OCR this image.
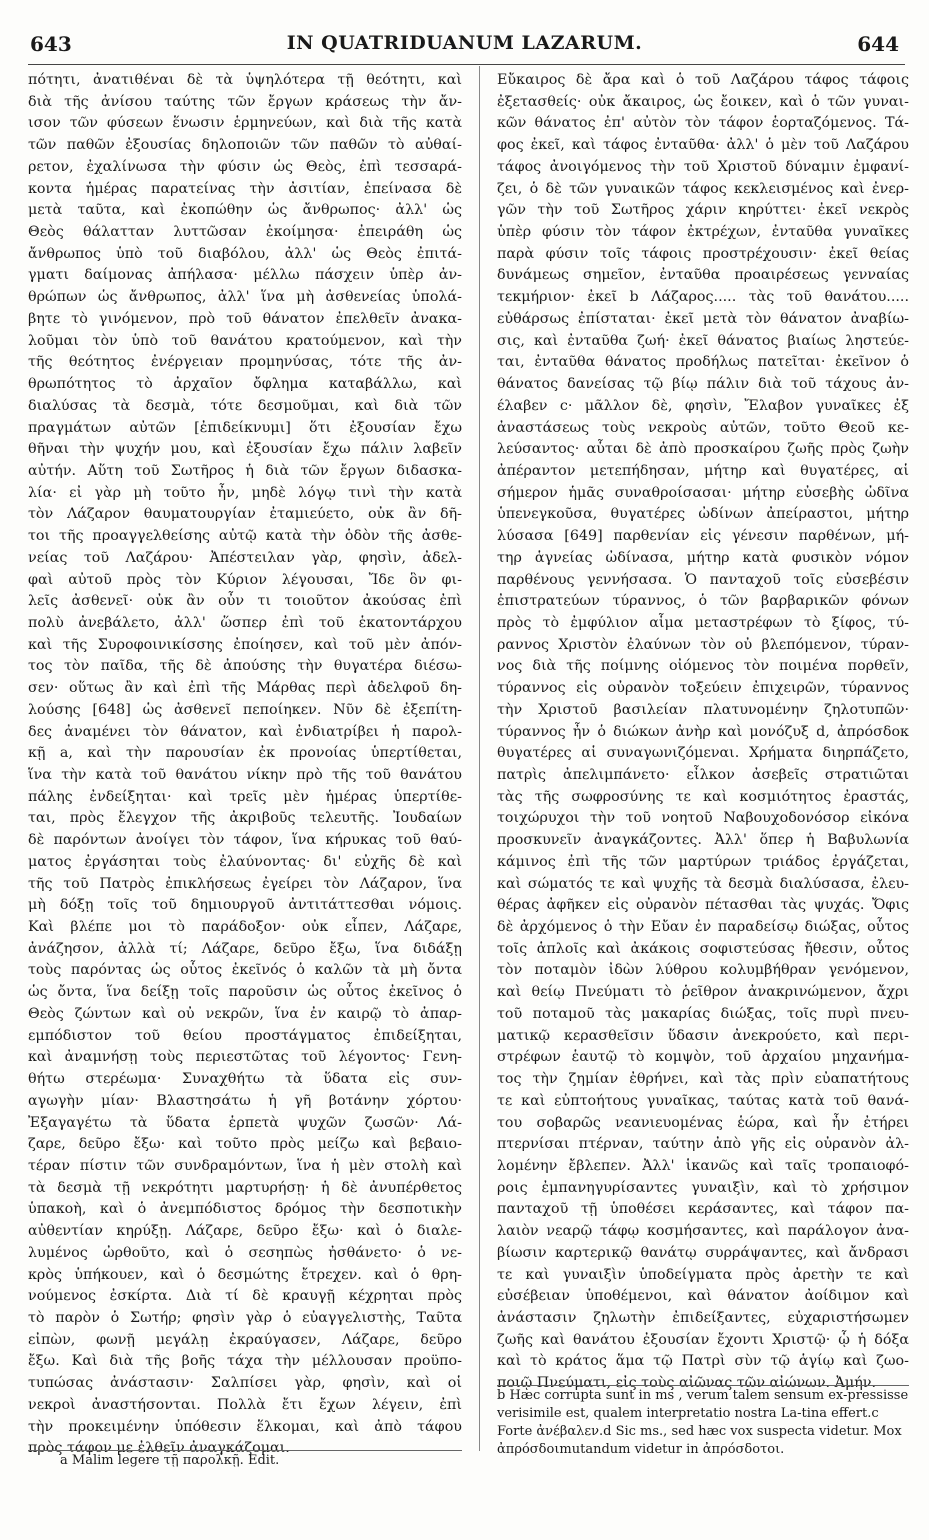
643	IN QUATRIDUANUM LAZARUM.	644
πότητι, ἀνατιθέναι δὲ τὰ ὑψηλότερα τῇ θεότητι, καὶ
διὰ τῆς ἀνίσου ταύτης τῶν ἔργων κράσεως τὴν ἄν-
ισον τῶν φύσεων ἕνωσιν ἑρμηνεύων, καὶ διὰ τῆς κατὰ
τῶν παθῶν ἐξουσίας δηλοποιῶν τῶν παθῶν τὸ αὐθαί-
ρετον, ἐχαλίνωσα τὴν φύσιν ὡς Θεὸς, ἐπὶ τεσσαρά-
κοντα ἡμέρας παρατείνας τὴν ἀσιτίαν, ἐπείνασα δὲ
μετὰ ταῦτα, καὶ ἐκοπώθην ὡς ἄνθρωπος· ἀλλ' ὡς
Θεὸς θάλατταν λυττῶσαν ἐκοίμησα· ἐπειράθη ὡς
ἄνθρωπος ὑπὸ τοῦ διαβόλου, ἀλλ' ὡς Θεὸς ἐπιτά-
γματι δαίμονας ἀπήλασα· μέλλω πάσχειν ὑπὲρ ἀν-
θρώπων ὡς ἄνθρωπος, ἀλλ' ἵνα μὴ ἀσθενείας ὑπολά-
βητε τὸ γινόμενον, πρὸ τοῦ θάνατον ἐπελθεῖν ἀνακα-
λοῦμαι τὸν ὑπὸ τοῦ θανάτου κρατούμενον, καὶ τὴν
τῆς θεότητος ἐνέργειαν προμηνύσας, τότε τῆς ἀν-
θρωπότητος τὸ ἀρχαῖον ὄφλημα καταβάλλω, καὶ
διαλύσας τὰ δεσμὰ, τότε δεσμοῦμαι, καὶ διὰ τῶν
πραγμάτων αὐτῶν [ἐπιδείκνυμι] ὅτι ἐξουσίαν ἔχω
θῆναι τὴν ψυχήν μου, καὶ ἐξουσίαν ἔχω πάλιν λαβεῖν
αὐτήν. Αὕτη τοῦ Σωτῆρος ἡ διὰ τῶν ἔργων διδασκα-
λία· εἰ γὰρ μὴ τοῦτο ἦν, μηδὲ λόγῳ τινὶ τὴν κατὰ
τὸν Λάζαρον θαυματουργίαν ἐταμιεύετο, οὐκ ἂν δῆ-
τοι τῆς προαγγελθείσης αὐτῷ κατὰ τὴν ὁδὸν τῆς ἀσθε-
νείας τοῦ Λαζάρου· Ἀπέστειλαν γὰρ, φησὶν, ἀδελ-
φαὶ αὐτοῦ πρὸς τὸν Κύριον λέγουσαι, Ἴδε ὃν φι-
λεῖς ἀσθενεῖ· οὐκ ἂν οὖν τι τοιοῦτον ἀκούσας ἐπὶ
πολὺ ἀνεβάλετο, ἀλλ' ὥσπερ ἐπὶ τοῦ ἑκατοντάρχου
καὶ τῆς Συροφοινικίσσης ἐποίησεν, καὶ τοῦ μὲν ἀπόν-
τος τὸν παῖδα, τῆς δὲ ἀπούσης τὴν θυγατέρα διέσω-
σεν· οὕτως ἂν καὶ ἐπὶ τῆς Μάρθας περὶ ἀδελφοῦ δη-
λούσης [648] ὡς ἀσθενεῖ πεποίηκεν. Νῦν δὲ ἐξεπίτη-
δες ἀναμένει τὸν θάνατον, καὶ ἐνδιατρίβει ἡ παρολ-
κῇ a, καὶ τὴν παρουσίαν ἐκ προνοίας ὑπερτίθεται,
ἵνα τὴν κατὰ τοῦ θανάτου νίκην πρὸ τῆς τοῦ θανάτου
πάλης ἐνδείξηται· καὶ τρεῖς μὲν ἡμέρας ὑπερτίθε-
ται, πρὸς ἔλεγχον τῆς ἀκριβοῦς τελευτῆς. Ἰουδαίων
δὲ παρόντων ἀνοίγει τὸν τάφον, ἵνα κήρυκας τοῦ θαύ-
ματος ἐργάσηται τοὺς ἐλαύνοντας· δι' εὐχῆς δὲ καὶ
τῆς τοῦ Πατρὸς ἐπικλήσεως ἐγείρει τὸν Λάζαρον, ἵνα
μὴ δόξῃ τοῖς τοῦ δημιουργοῦ ἀντιτάττεσθαι νόμοις.
Καὶ βλέπε μοι τὸ παράδοξον· οὐκ εἶπεν, Λάζαρε,
ἀνάζησον, ἀλλὰ τί; Λάζαρε, δεῦρο ἔξω, ἵνα διδάξῃ
τοὺς παρόντας ὡς οὗτος ἐκεῖνός ὁ καλῶν τὰ μὴ ὄντα
ὡς ὄντα, ἵνα δείξῃ τοῖς παροῦσιν ὡς οὗτος ἐκεῖνος ὁ
Θεὸς ζώντων καὶ οὐ νεκρῶν, ἵνα ἐν καιρῷ τὸ ἀπαρ-
εμπόδιστον τοῦ θείου προστάγματος ἐπιδείξηται,
καὶ ἀναμνήσῃ τοὺς περιεστῶτας τοῦ λέγοντος· Γενη-
θήτω στερέωμα· Συναχθήτω τὰ ὕδατα εἰς συν-
αγωγὴν μίαν· Βλαστησάτω ἡ γῆ βοτάνην χόρτου·
Ἐξαγαγέτω τὰ ὕδατα ἑρπετὰ ψυχῶν ζωσῶν· Λά-
ζαρε, δεῦρο ἔξω· καὶ τοῦτο πρὸς μείζω καὶ βεβαιο-
τέραν πίστιν τῶν συνδραμόντων, ἵνα ἡ μὲν στολὴ καὶ
τὰ δεσμὰ τῇ νεκρότητι μαρτυρήσῃ· ἡ δὲ ἀνυπέρθετος
ὑπακοὴ, καὶ ὁ ἀνεμπόδιστος δρόμος τὴν δεσποτικὴν
αὐθεντίαν κηρύξῃ. Λάζαρε, δεῦρο ἔξω· καὶ ὁ διαλε-
λυμένος ὠρθοῦτο, καὶ ὁ σεσηπὼς ἠσθάνετο· ὁ νε-
κρὸς ὑπήκουεν, καὶ ὁ δεσμώτης ἔτρεχεν. καὶ ὁ θρη-
νούμενος ἐσκίρτα. Διὰ τί δὲ κραυγῇ κέχρηται πρὸς
τὸ παρὸν ὁ Σωτήρ; φησὶν γὰρ ὁ εὐαγγελιστὴς, Ταῦτα
εἰπὼν, φωνῇ μεγάλῃ ἐκραύγασεν, Λάζαρε, δεῦρο
ἔξω. Καὶ διὰ τῆς βοῆς τάχα τὴν μέλλουσαν προϋπο-
τυπώσας ἀνάστασιν· Σαλπίσει γὰρ, φησὶν, καὶ οἱ
νεκροὶ ἀναστήσονται. Πολλὰ ἔτι ἔχων λέγειν, ἐπὶ
τὴν προκειμένην ὑπόθεσιν ἕλκομαι, καὶ ἀπὸ τάφου
πρὸς τάφον με ἐλθεῖν ἀναγκάζομαι.
Εὔκαιρος δὲ ἄρα καὶ ὁ τοῦ Λαζάρου τάφος τάφοις
ἐξετασθείς· οὐκ ἄκαιρος, ὡς ἔοικεν, καὶ ὁ τῶν γυναι-
κῶν θάνατος ἐπ' αὐτὸν τὸν τάφον ἑορταζόμενος. Τά-
φος ἐκεῖ, καὶ τάφος ἐνταῦθα· ἀλλ' ὁ μὲν τοῦ Λαζάρου
τάφος ἀνοιγόμενος τὴν τοῦ Χριστοῦ δύναμιν ἐμφανί-
ζει, ὁ δὲ τῶν γυναικῶν τάφος κεκλεισμένος καὶ ἐνερ-
γῶν τὴν τοῦ Σωτῆρος χάριν κηρύττει· ἐκεῖ νεκρὸς
ὑπὲρ φύσιν τὸν τάφον ἐκτρέχων, ἐνταῦθα γυναῖκες
παρὰ φύσιν τοῖς τάφοις προστρέχουσιν· ἐκεῖ θείας
δυνάμεως σημεῖον, ἐνταῦθα προαιρέσεως γενναίας
τεκμήριον· ἐκεῖ b Λάζαρος..... τὰς τοῦ θανάτου.....
εὐθάρσως ἐπίσταται· ἐκεῖ μετὰ τὸν θάνατον ἀναβίω-
σις, καὶ ἐνταῦθα ζωή· ἐκεῖ θάνατος βιαίως ληστεύε-
ται, ἐνταῦθα θάνατος προδήλως πατεῖται· ἐκεῖνον ὁ
θάνατος δανείσας τῷ βίῳ πάλιν διὰ τοῦ τάχους ἀν-
έλαβεν c· μᾶλλον δὲ, φησὶν, Ἔλαβον γυναῖκες ἐξ
ἀναστάσεως τοὺς νεκροὺς αὐτῶν, τοῦτο Θεοῦ κε-
λεύσαντος· αὗται δὲ ἀπὸ προσκαίρου ζωῆς πρὸς ζωὴν
ἀπέραντον μετεπήδησαν, μήτηρ καὶ θυγατέρες, αἱ
σήμερον ἡμᾶς συναθροίσασαι· μήτηρ εὐσεβὴς ὠδῖνα
ὑπενεγκοῦσα, θυγατέρες ὠδίνων ἀπείραστοι, μήτηρ
λύσασα [649] παρθενίαν εἰς γένεσιν παρθένων, μή-
τηρ ἁγνείας ὠδίνασα, μήτηρ κατὰ φυσικὸν νόμον
παρθένους γεννήσασα. Ὁ πανταχοῦ τοῖς εὐσεβέσιν
ἐπιστρατεύων τύραννος, ὁ τῶν βαρβαρικῶν φόνων
πρὸς τὸ ἐμφύλιον αἷμα μεταστρέφων τὸ ξίφος, τύ-
ραννος Χριστὸν ἐλαύνων τὸν οὐ βλεπόμενον, τύραν-
νος διὰ τῆς ποίμνης οἰόμενος τὸν ποιμένα πορθεῖν,
τύραννος εἰς οὐρανὸν τοξεύειν ἐπιχειρῶν, τύραννος
τὴν Χριστοῦ βασιλείαν πλατυνομένην ζηλοτυπῶν·
τύραννος ἦν ὁ διώκων ἀνὴρ καὶ μονόζυξ d, ἀπρόσδοκ
θυγατέρες αἱ συναγωνιζόμεναι. Χρήματα διηρπάζετο,
πατρὶς ἀπελιμπάνετο· εἶλκον ἀσεβεῖς στρατιῶται
τὰς τῆς σωφροσύνης τε καὶ κοσμιότητος ἐραστάς,
τοιχώρυχοι τὴν τοῦ νοητοῦ Ναβουχοδονόσορ εἰκόνα
προσκυνεῖν ἀναγκάζοντες. Ἀλλ' ὅπερ ἡ Βαβυλωνία
κάμινος ἐπὶ τῆς τῶν μαρτύρων τριάδος ἐργάζεται,
καὶ σώματός τε καὶ ψυχῆς τὰ δεσμὰ διαλύσασα, ἐλευ-
θέρας ἀφῆκεν εἰς οὐρανὸν πέτασθαι τὰς ψυχάς. Ὄφις
δὲ ἀρχόμενος ὁ τὴν Εὔαν ἐν παραδείσῳ διώξας, οὗτος
τοῖς ἁπλοῖς καὶ ἀκάκοις σοφιστεύσας ἤθεσιν, οὗτος
τὸν ποταμὸν ἰδὼν λύθρου κολυμβήθραν γενόμενον,
καὶ θείῳ Πνεύματι τὸ ῥεῖθρον ἀνακρινώμενον, ἄχρι
τοῦ ποταμοῦ τὰς μακαρίας διώξας, τοῖς πυρὶ πνευ-
ματικῷ κερασθεῖσιν ὕδασιν ἀνεκρούετο, καὶ περι-
στρέφων ἑαυτῷ τὸ κομψὸν, τοῦ ἀρχαίου μηχανήμα-
τος τὴν ζημίαν ἐθρήνει, καὶ τὰς πρὶν εὐαπατήτους
τε καὶ εὐπτοήτους γυναῖκας, ταύτας κατὰ τοῦ θανά-
του σοβαρῶς νεανιευομένας ἑώρα, καὶ ἦν ἐτήρει
πτερνίσαι πτέρναν, ταύτην ἀπὸ γῆς εἰς οὐρανὸν ἀλ-
λομένην ἔβλεπεν. Ἀλλ' ἱκανῶς καὶ ταῖς τροπαιοφό-
ροις ἐμπανηγυρίσαντες γυναιξὶν, καὶ τὸ χρήσιμον
πανταχοῦ τῇ ὑποθέσει κεράσαντες, καὶ τάφον πα-
λαιὸν νεαρῷ τάφῳ κοσμήσαντες, καὶ παράλογον ἀνα-
βίωσιν καρτερικῷ θανάτῳ συρράψαντες, καὶ ἄνδρασι
τε καὶ γυναιξὶν ὑποδείγματα πρὸς ἀρετὴν τε καὶ
εὐσέβειαν ὑποθέμενοι, καὶ θάνατον ἀοίδιμον καὶ
ἀνάστασιν ζηλωτὴν ἐπιδείξαντες, εὐχαριστήσωμεν
ζωῆς καὶ θανάτου ἐξουσίαν ἔχοντι Χριστῷ· ᾧ ἡ δόξα
καὶ τὸ κράτος ἅμα τῷ Πατρὶ σὺν τῷ ἁγίῳ καὶ ζωο-
ποιῷ Πνεύματι, εἰς τοὺς αἰῶνας τῶν αἰώνων. Ἀμήν.
b Hæc corrupta sunt in ms , verum talem sensum ex-pressisse verisimile est, qualem interpretatio nostra La-tina effert.c Forte ἀνέβαλεν.d Sic ms., sed hæc vox suspecta videtur. Mox ἀπρόσδοιmutandum videtur in ἀπρόσδοτοι.
a Malim legere τῇ παρολκῇ. Edit.
